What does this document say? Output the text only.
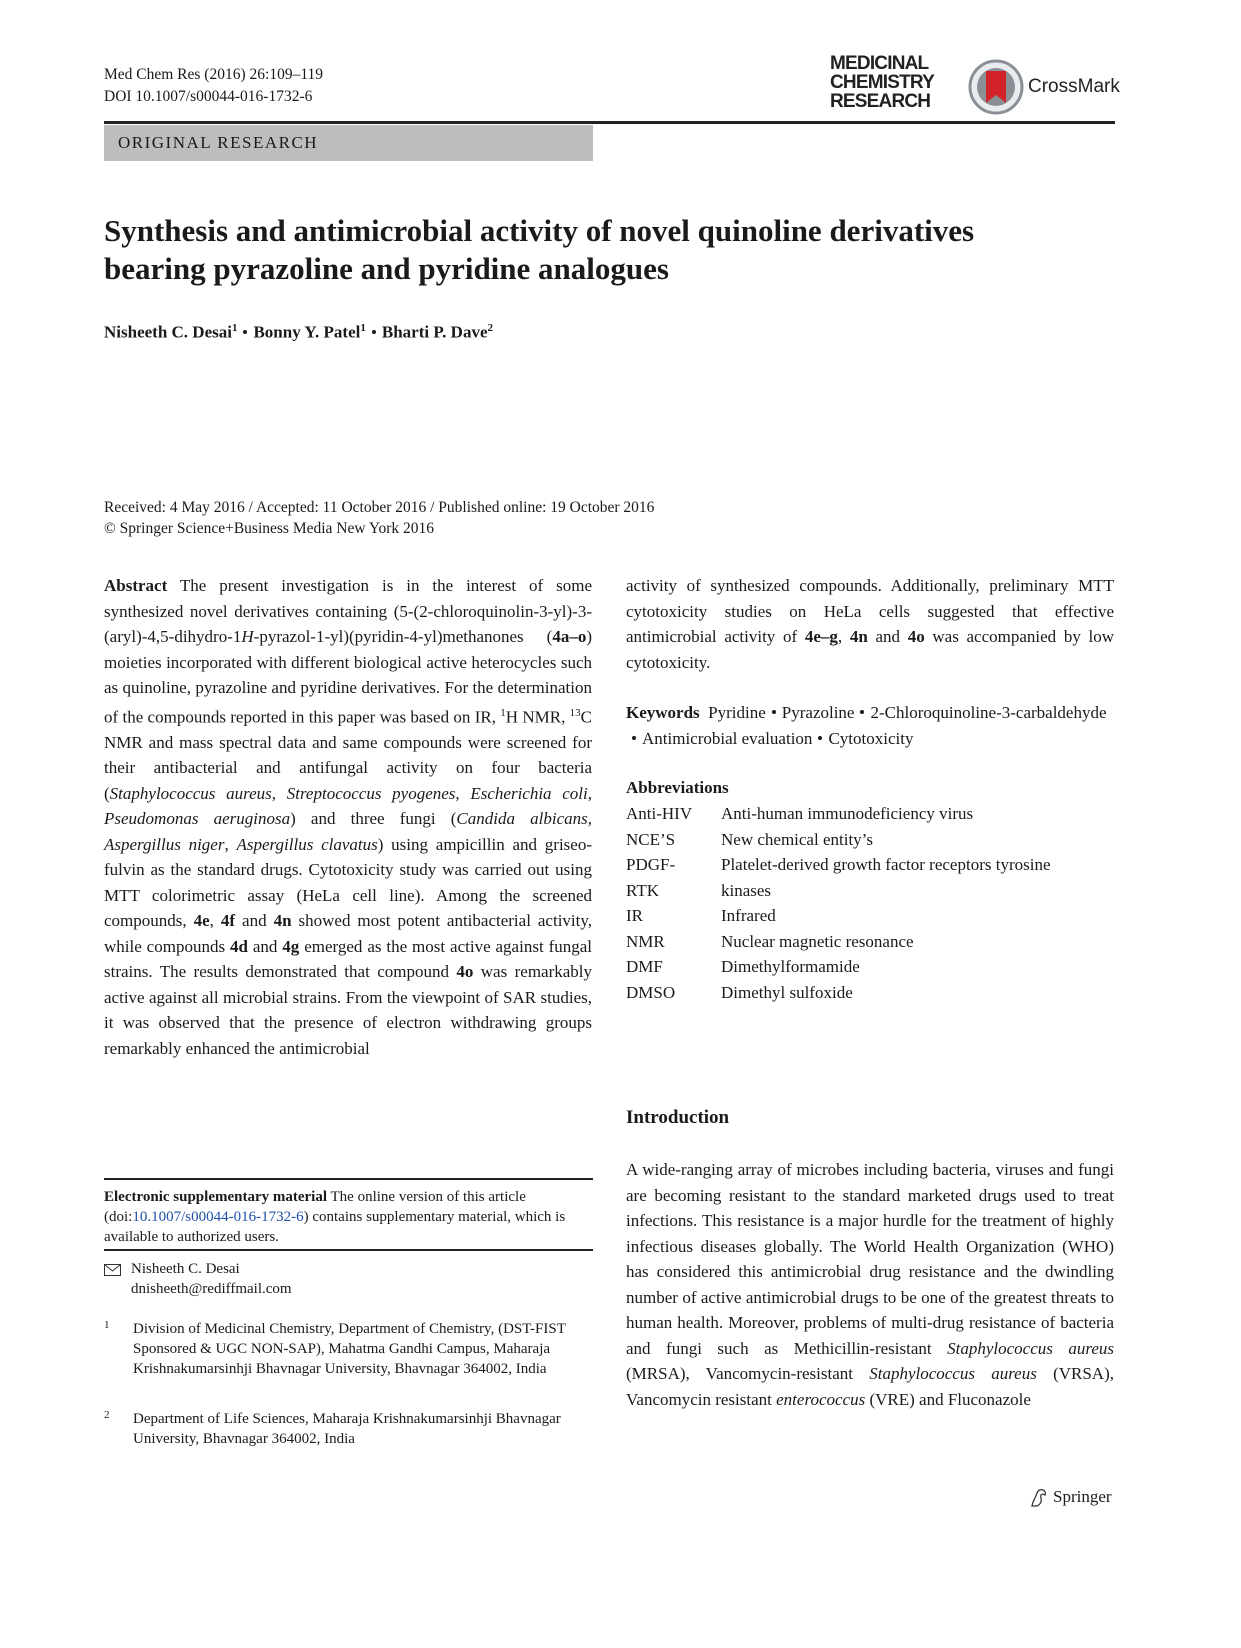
Med Chem Res (2016) 26:109–119
DOI 10.1007/s00044-016-1732-6
MEDICINAL
CHEMISTRY
RESEARCH
CrossMark
ORIGINAL RESEARCH
Synthesis and antimicrobial activity of novel quinoline derivatives
bearing pyrazoline and pyridine analogues
Nisheeth C. Desai$^1$ Bonny Y. Patel$^1$ Bharti P. Dave$^2$
Received: 4 May 2016 / Accepted: 11 October 2016 / Published online: 19 October 2016
© Springer Science+Business Media New York 2016

Abstract The present investigation is in the interest of some synthesized novel derivatives containing (5-(2-chloroquinolin-3-yl)-3-(aryl)-4,5-dihydro-1H-pyrazol-1-yl)(pyridin-4-yl)methanones (4a–o) moieties incorporated with different biological active heterocycles such as quinoline, pyrazoline and pyridine derivatives. For the determination of the compounds reported in this paper was based on IR, $^1$H NMR, $^{13}$C NMR and mass spectral data and same compounds were screened for their antibacterial and antifungal activity on four bacteria (Staphylococcus aureus, Streptococcus pyogenes, Escherichia coli, Pseudomonas aeruginosa) and three fungi (Candida albicans, Aspergillus niger, Aspergillus clavatus) using ampicillin and griseofulvin as the standard drugs. Cytotoxicity study was carried out using MTT colorimetric assay (HeLa cell line). Among the screened compounds, 4e, 4f and 4n showed most potent antibacterial activity, while compounds 4d and 4g emerged as the most active against fungal strains. The results demonstrated that compound 4o was remarkably active against all microbial strains. From the viewpoint of SAR studies, it was observed that the presence of electron withdrawing groups remarkably enhanced the antimicrobial

activity of synthesized compounds. Additionally, preliminary MTT cytotoxicity studies on HeLa cells suggested that effective antimicrobial activity of 4e–g, 4n and 4o was accompanied by low cytotoxicity.

Keywords Pyridine Pyrazoline 2-Chloroquinoline-3-carbaldehydeAntimicrobial evaluation Cytotoxicity
Abbreviations
Anti-HIV	Anti-human immunodeficiency virus
NCE’S	New chemical entity’s
PDGF-	Platelet-derived growth factor receptors tyrosine
RTK	kinases
IR	Infrared
NMR	Nuclear magnetic resonance
DMF	Dimethylformamide
DMSO	Dimethyl sulfoxide
Introduction

A wide-ranging array of microbes including bacteria, viruses and fungi are becoming resistant to the standard marketed drugs used to treat infections. This resistance is a major hurdle for the treatment of highly infectious diseases globally. The World Health Organization (WHO) has considered this antimicrobial drug resistance and the dwindling number of active antimicrobial drugs to be one of the greatest threats to human health. Moreover, problems of multi-drug resistance of bacteria and fungi such as Methicillin-resistant Staphylococcus aureus (MRSA), Vancomycin-resistant Staphylococcus aureus (VRSA), Vancomycin resistant enterococcus (VRE) and Fluconazole

Electronic supplementary material The online version of this article (doi:10.1007/s00044-016-1732-6) contains supplementary material, which is available to authorized users.
Nisheeth C. Desai
dnisheeth@rediffmail.com
1 Division of Medicinal Chemistry, Department of Chemistry, (DST-FIST Sponsored & UGC NON-SAP), Mahatma Gandhi Campus, Maharaja Krishnakumarsinhji Bhavnagar University, Bhavnagar 364002, India
2 Department of Life Sciences, Maharaja Krishnakumarsinhji Bhavnagar University, Bhavnagar 364002, India
Springer
